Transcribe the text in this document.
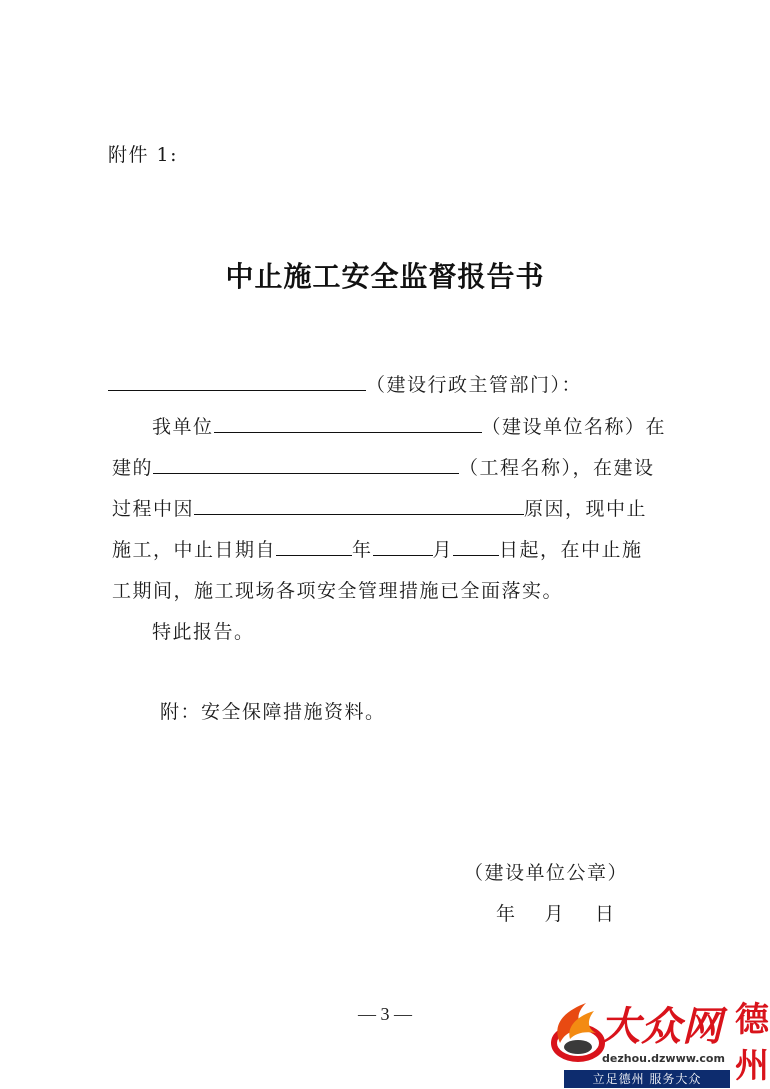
附件 1:
中止施工安全监督报告书
（建设行政主管部门）：
我单位	（建设单位名称）在
建的	（工程名称），在建设
过程中因	原因，现中止
施工，中止日期自	年	月 日起，在中止施
工期间，施工现场各项安全管理措施已全面落实。
特此报告。
附：安全保障措施资料。
（建设单位公章）
年 月 日
— 3 —	大众网 德州
dezhou.dzwww.com
立足德州 服务大众
